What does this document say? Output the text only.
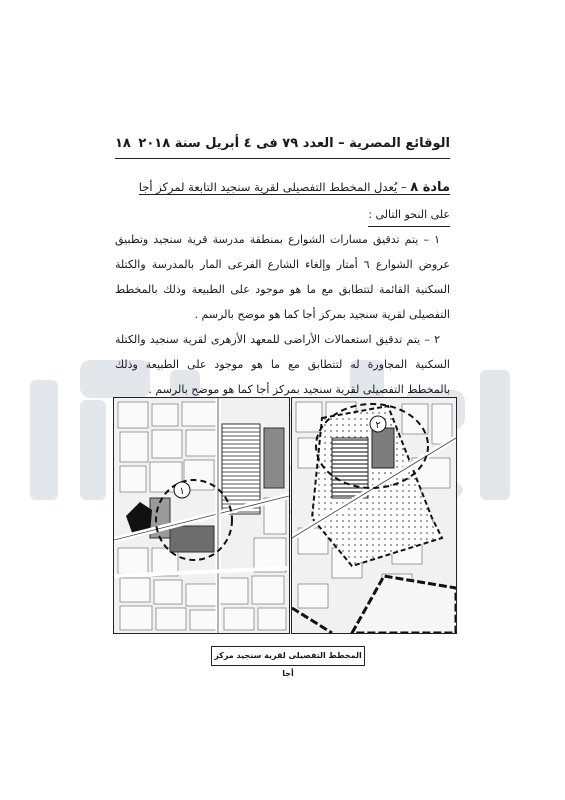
الوقائع المصرية – العدد ٧٩ فى ٤ أبريل سنة ٢٠١٨
١٨

مادة ٨ – يُعدل المخطط التفصيلى لقرية سنجيد التابعة لمركز أجا

على النحو التالى :

١ – يتم تدقيق مسارات الشوارع بمنطقة مدرسة قرية سنجيد وتطبيق عروض الشوارع ٦ أمتار وإلغاء الشارع الفرعى المار بالمدرسة والكتلة السكنية القائمة لتتطابق مع ما هو موجود على الطبيعة وذلك بالمخطط التفصيلى لقرية سنجيد بمركز أجا كما هو موضح بالرسم .

٢ – يتم تدقيق استعمالات الأراضى للمعهد الأزهرى لقرية سنجيد والكتلة السكنية المجاورة له لتتطابق مع ما هو موجود على الطبيعة وذلك بالمخطط التفصيلى لقرية سنجيد بمركز أجا كما هو موضح بالرسم .

١
٢
المخطط التفصيلى لقرية سنجيد مركز أجا
